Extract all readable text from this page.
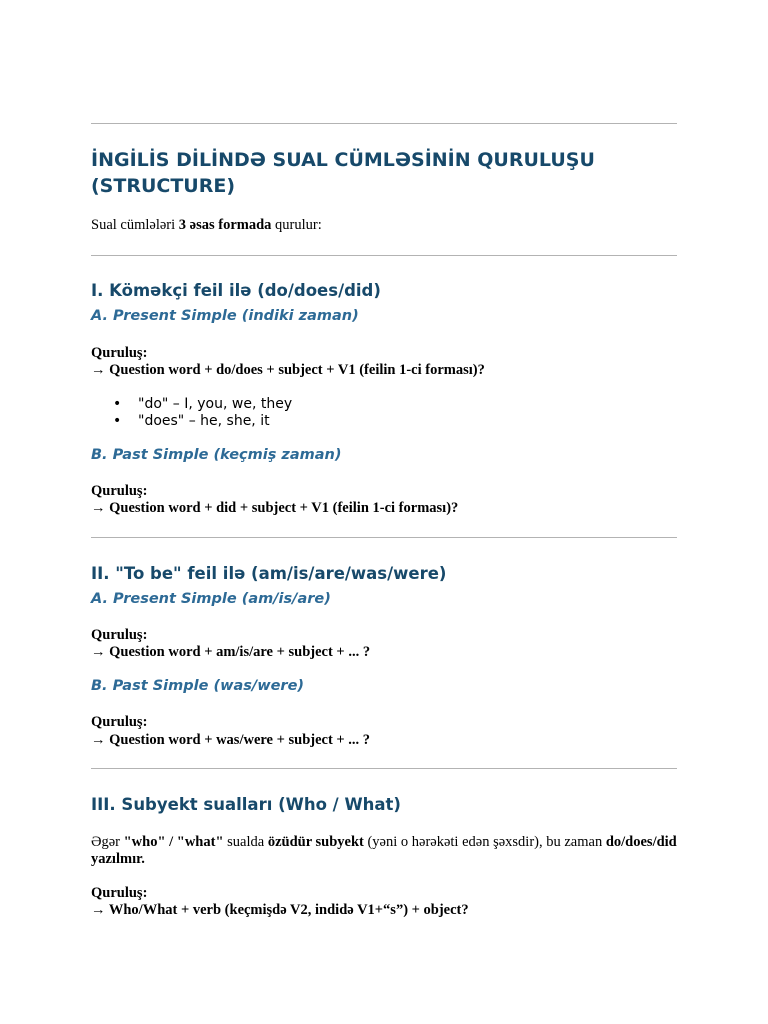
İNGİLİS DİLİNDƏ SUAL CÜMLƏSİNİN QURULUŞU (STRUCTURE)

Sual cümlələri 3 əsas formada qurulur:

I. Köməkçi feil ilə (do/does/did)
A. Present Simple (indiki zaman)

Quruluş:

→ Question word + do/does + subject + V1 (feilin 1-ci forması)?

• "do" – I, you, we, they
• "does" – he, she, it
B. Past Simple (keçmiş zaman)

Quruluş:

→ Question word + did + subject + V1 (feilin 1-ci forması)?

II. "To be" feil ilə (am/is/are/was/were)
A. Present Simple (am/is/are)

Quruluş:

→ Question word + am/is/are + subject + ... ?

B. Past Simple (was/were)

Quruluş:

→ Question word + was/were + subject + ... ?

III. Subyekt sualları (Who / What)

Əgər "who" / "what" sualda özüdür subyekt (yəni o hərəkəti edən şəxsdir), bu zaman do/does/did yazılmır.

Quruluş:

→ Who/What + verb (keçmişdə V2, indidə V1+“s”) + object?
